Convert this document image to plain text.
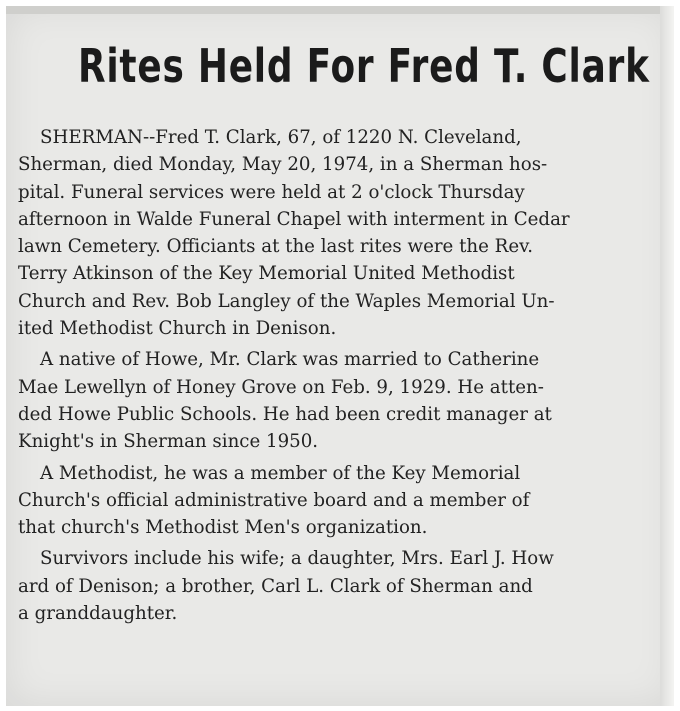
Rites Held For Fred T. Clark
SHERMAN--Fred T. Clark, 67, of 1220 N. Cleveland,
Sherman, died Monday, May 20, 1974, in a Sherman hos-
pital. Funeral services were held at 2 o'clock Thursday
afternoon in Walde Funeral Chapel with interment in Cedar
lawn Cemetery. Officiants at the last rites were the Rev.
Terry Atkinson of the Key Memorial United Methodist
Church and Rev. Bob Langley of the Waples Memorial Un-
ited Methodist Church in Denison.
A native of Howe, Mr. Clark was married to Catherine
Mae Lewellyn of Honey Grove on Feb. 9, 1929. He atten-
ded Howe Public Schools. He had been credit manager at
Knight's in Sherman since 1950.
A Methodist, he was a member of the Key Memorial
Church's official administrative board and a member of
that church's Methodist Men's organization.
Survivors include his wife; a daughter, Mrs. Earl J. How
ard of Denison; a brother, Carl L. Clark of Sherman and
a granddaughter.
